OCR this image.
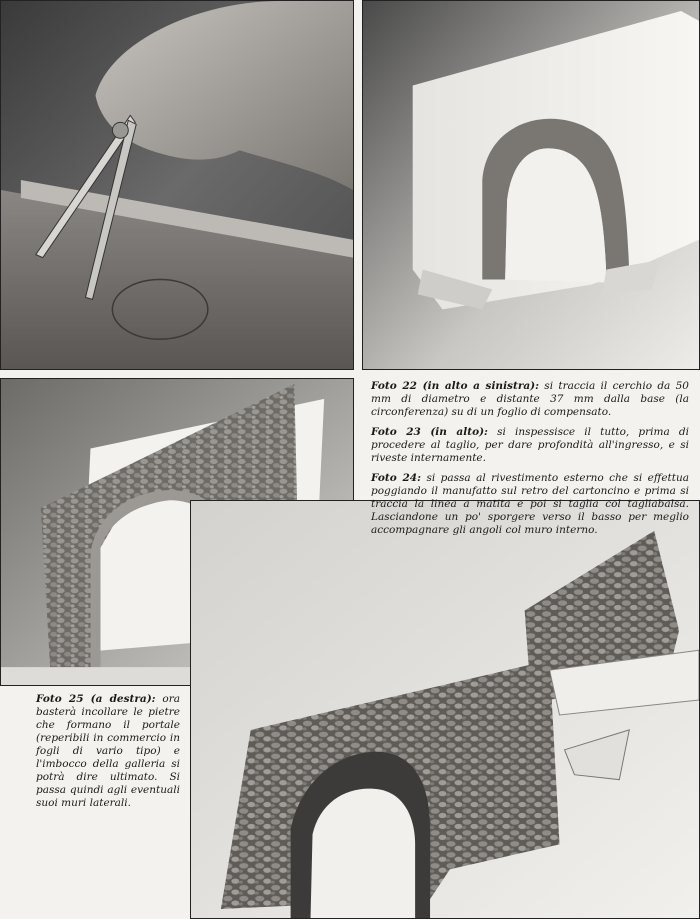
Foto 22 (in alto a sinistra): si traccia il cerchio da 50 mm di diametro e distante 37 mm dalla base (la circonferenza) su di un foglio di compensato.

Foto 23 (in alto): si inspessisce il tutto, prima di procedere al taglio, per dare profondità all'ingresso, e si riveste internamente.

Foto 24: si passa al rivestimento esterno che si effettua poggiando il manufatto sul retro del cartoncino e prima si traccia la linea a matita e poi si taglia col tagliabalsa. Lasciandone un po' sporgere verso il basso per meglio accompagnare gli angoli col muro interno.

Foto 25 (a destra): ora basterà incollare le pietre che formano il portale (reperibili in commercio in fogli di vario tipo) e l'imbocco della galleria si potrà dire ultimato. Si passa quindi agli eventuali suoi muri laterali.
